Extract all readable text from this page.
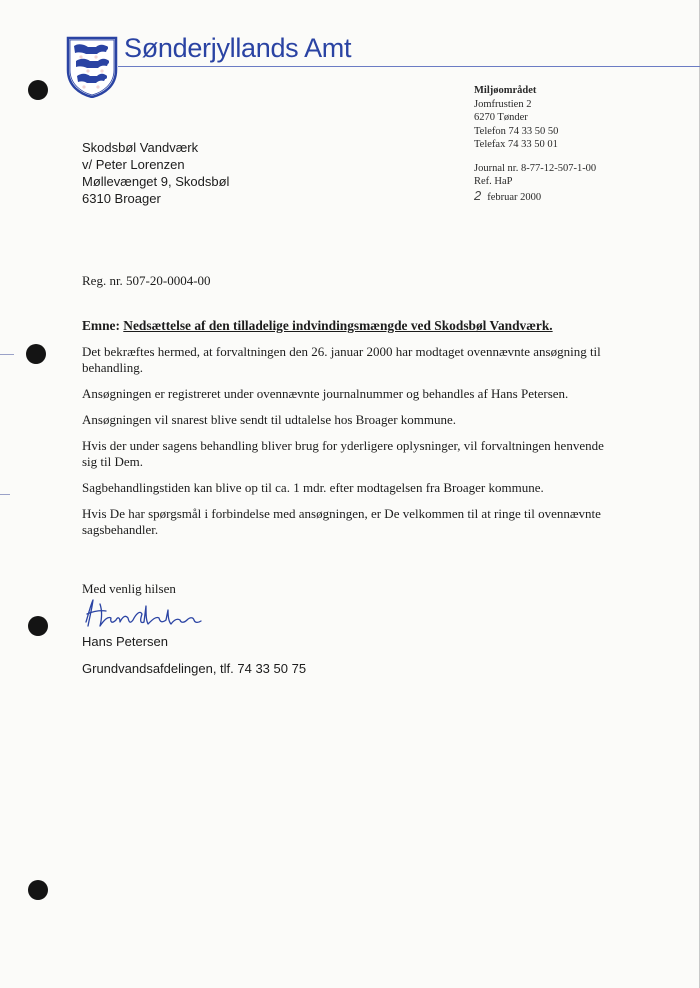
Sønderjyllands Amt
Miljøområdet
Jomfrustien 2
6270 Tønder
Telefon 74 33 50 50
Telefax 74 33 50 01
Journal nr. 8-77-12-507-1-00
Ref. HaP
2 februar 2000
Skodsbøl Vandværk
v/ Peter Lorenzen
Møllevænget 9, Skodsbøl
6310 Broager
Reg. nr. 507-20-0004-00
Emne: Nedsættelse af den tilladelige indvindingsmængde ved Skodsbøl Vandværk.

Det bekræftes hermed, at forvaltningen den 26. januar 2000 har modtaget ovennævnte ansøgning til behandling.

Ansøgningen er registreret under ovennævnte journalnummer og behandles af Hans Petersen.

Ansøgningen vil snarest blive sendt til udtalelse hos Broager kommune.

Hvis der under sagens behandling bliver brug for yderligere oplysninger, vil forvaltningen henvende sig til Dem.

Sagbehandlingstiden kan blive op til ca. 1 mdr. efter modtagelsen fra Broager kommune.

Hvis De har spørgsmål i forbindelse med ansøgningen, er De velkommen til at ringe til ovennævnte sagsbehandler.

Med venlig hilsen
Hans Petersen
Grundvandsafdelingen, tlf. 74 33 50 75
